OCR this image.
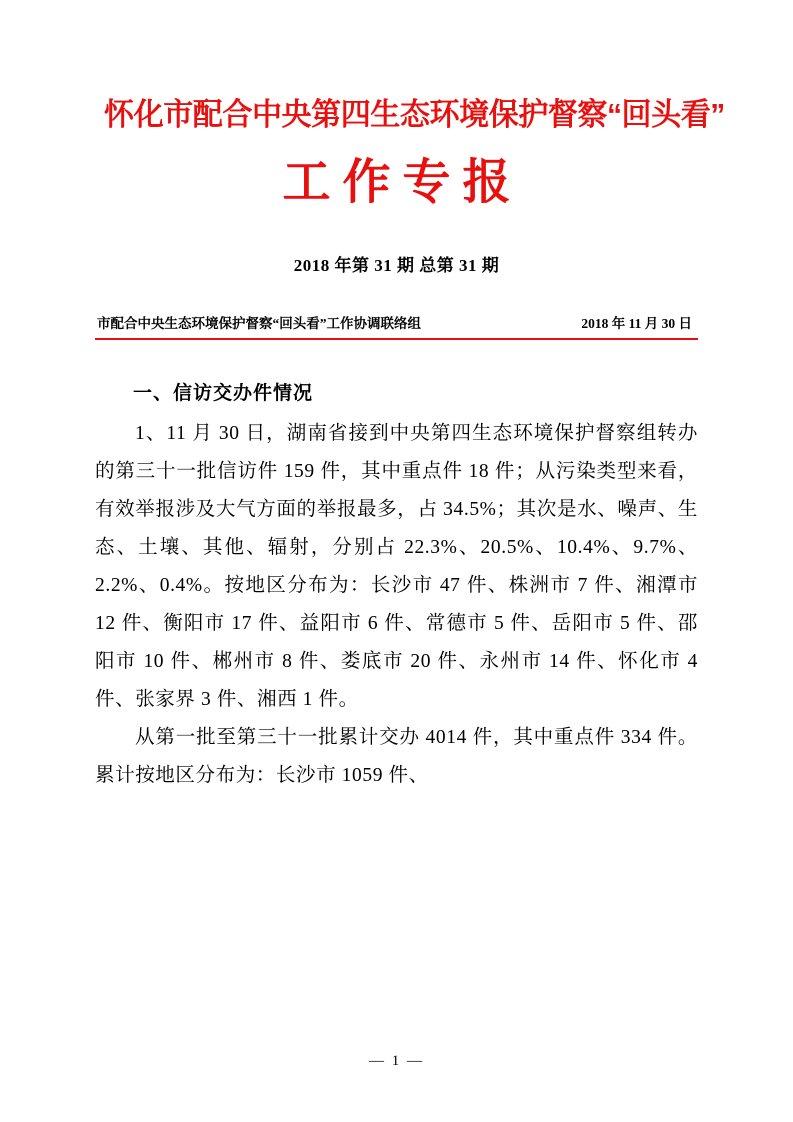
怀化市配合中央第四生态环境保护督察“回头看”
工作专报
2018 年第 31 期 总第 31 期
市配合中央生态环境保护督察“回头看”工作协调联络组	2018 年 11 月 30 日
一、信访交办件情况

1、11 月 30 日，湖南省接到中央第四生态环境保护督察组转办的第三十一批信访件 159 件，其中重点件 18 件；从污染类型来看，有效举报涉及大气方面的举报最多，占 34.5%；其次是水、噪声、生态、土壤、其他、辐射，分别占 22.3%、20.5%、10.4%、9.7%、2.2%、0.4%。按地区分布为：长沙市 47 件、株洲市 7 件、湘潭市 12 件、衡阳市 17 件、益阳市 6 件、常德市 5 件、岳阳市 5 件、邵阳市 10 件、郴州市 8 件、娄底市 20 件、永州市 14 件、怀化市 4 件、张家界 3 件、湘西 1 件。

从第一批至第三十一批累计交办 4014 件，其中重点件 334 件。累计按地区分布为：长沙市 1059 件、

— 1 —
